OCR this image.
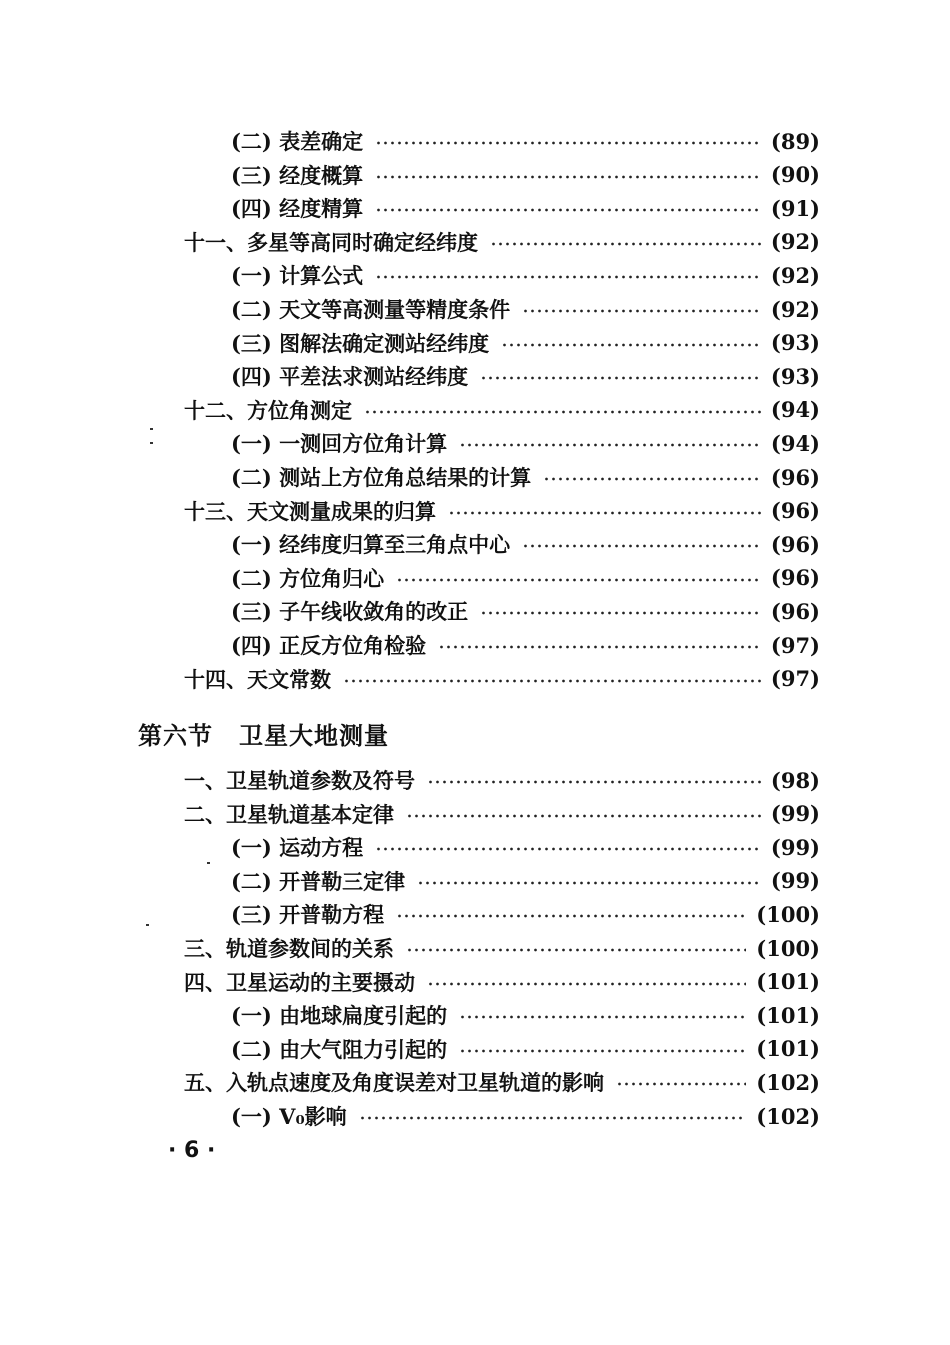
(二) 表差确定	(89)
(三) 经度概算	(90)
(四) 经度精算	(91)
十一、多星等高同时确定经纬度	(92)
(一) 计算公式	(92)
(二) 天文等高测量等精度条件	(92)
(三) 图解法确定测站经纬度	(93)
(四) 平差法求测站经纬度	(93)
十二、方位角测定	(94)
(一) 一测回方位角计算	(94)
(二) 测站上方位角总结果的计算	(96)
十三、天文测量成果的归算	(96)
(一) 经纬度归算至三角点中心	(96)
(二) 方位角归心	(96)
(三) 子午线收敛角的改正	(96)
(四) 正反方位角检验	(97)
十四、天文常数	(97)
第六节 卫星大地测量
一、卫星轨道参数及符号	(98)
二、卫星轨道基本定律	(99)
(一) 运动方程	(99)
(二) 开普勒三定律	(99)
(三) 开普勒方程	(100)
三、轨道参数间的关系	(100)
四、卫星运动的主要摄动	(101)
(一) 由地球扁度引起的	(101)
(二) 由大气阻力引起的	(101)
五、入轨点速度及角度误差对卫星轨道的影响	(102)
(一) V₀影响	(102)
· 6 ·
